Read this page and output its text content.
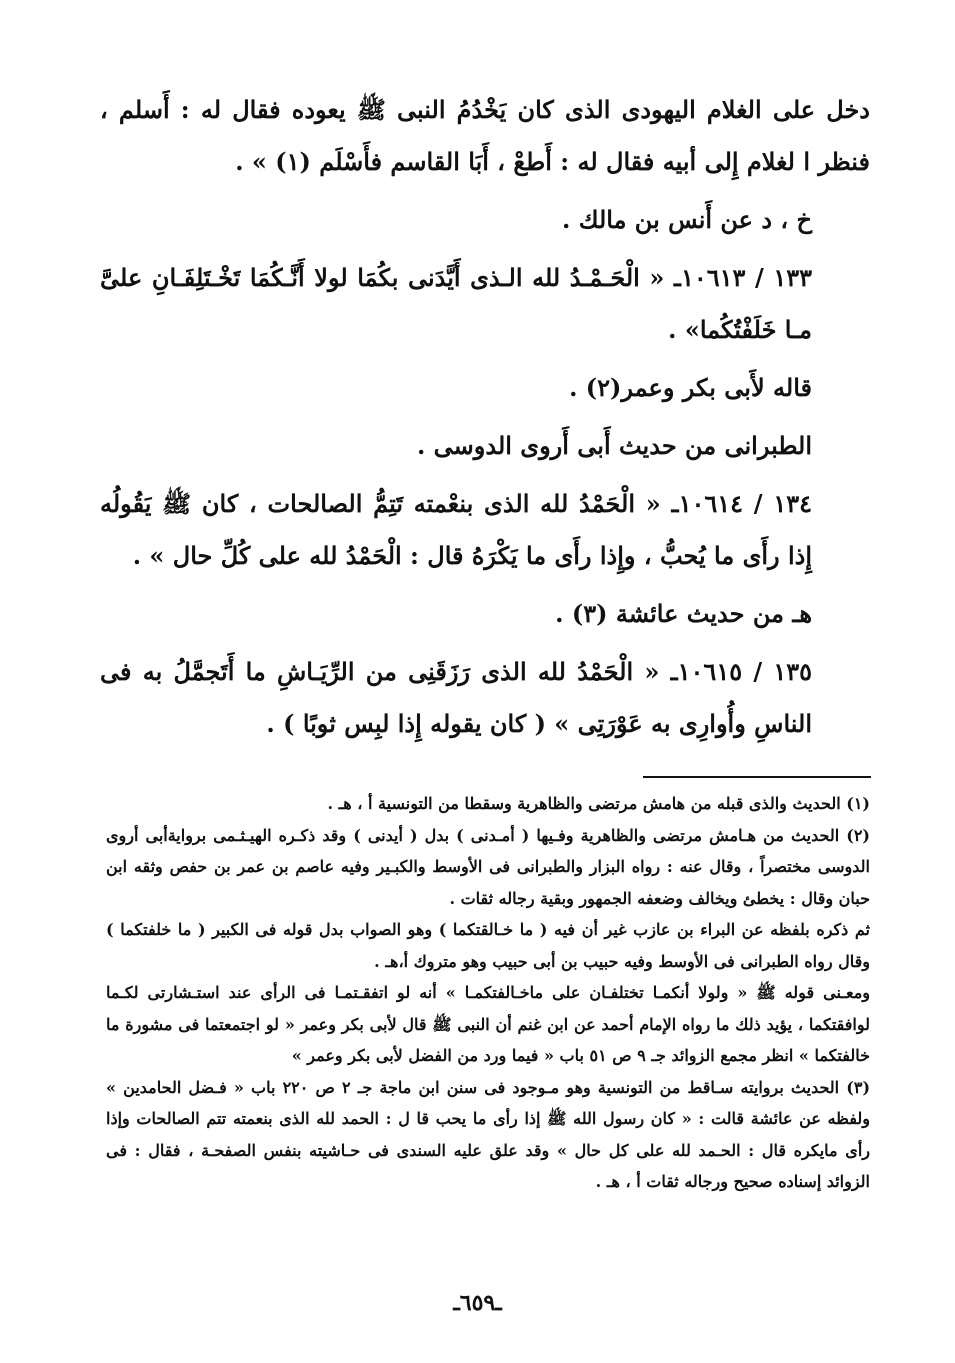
دخل على الغلام اليهودى الذى كان يَخْدُمُ النبى ﷺ يعوده فقال له : أَسلم ، فنظر ا لغلام إِلى أبيه فقال له : أَطعْ ، أَبَا القاسم فأَسْلَم (١) » .

خ ، د عن أَنس بن مالك .

١٣٣ / ١٠٦١٣ـ « الْحَـمْـدُ لله الـذى أَيَّدَنى بكُمَا لولا أَنَّـكُمَا تَخْـتَلِفَـانِ علىَّ مـا خَلَفْتُكُما» .

قاله لأَبى بكر وعمر(٢) .

الطبرانى من حديث أَبى أَروى الدوسى .

١٣٤ / ١٠٦١٤ـ « الْحَمْدُ لله الذى بنعْمته تَتِمُّ الصالحات ، كان ﷺ يَقُولُه إِذا رأَى ما يُحبُّ ، وإِذا رأَى ما يَكْرَهُ قال : الْحَمْدُ لله على كُلِّ حال » .

هـ من حديث عائشة (٣) .

١٣٥ / ١٠٦١٥ـ « الْحَمْدُ لله الذى رَزَقَنِى من الرِّيَـاشِ ما أَتَجمَّلُ به فى الناسِ وأُوارِى به عَوْرَتِى » ( كان يقوله إِذا لبِس ثوبًا ) .

(١) الحديث والذى قبله من هامش مرتضى والظاهرية وسقطا من التونسية أ ، هـ .

(٢) الحديث من هـامش مرتضى والظاهرية وفـيها ( أمـدنى ) بدل ( أيدنى ) وقد ذكـره الهيـثـمى بروايةأبى أروى الدوسى مختصراً ، وقال عنه : رواه البزار والطبرانى فى الأوسط والكبـير وفيه عاصم بن عمر بن حفص وثقه ابن حبان وقال : يخطئ ويخالف وضعفه الجمهور وبقية رجاله ثقات .

ثم ذكره بلفظه عن البراء بن عازب غير أن فيه ( ما خـالقتكما ) وهو الصواب بدل قوله فى الكبير ( ما خلفتكما ) وقال رواه الطبرانى فى الأوسط وفيه حبيب بن أبى حبيب وهو متروك أ،هـ .

ومعـنى قوله ﷺ « ولولا أنكمـا تختلفـان على ماخـالفتكمـا » أنه لو اتفقـتمـا فى الرأى عند استـشارتى لكـما لوافقتكما ، يؤيد ذلك ما رواه الإمام أحمد عن ابن غنم أن النبى ﷺ قال لأبى بكر وعمر « لو اجتمعتما فى مشورة ما خالفتكما » انظر مجمع الزوائد جـ ٩ ص ٥١ باب « فيما ورد من الفضل لأبى بكر وعمر »

(٣) الحديث بروايته سـاقط من التونسية وهو مـوجود فى سنن ابن ماجة جـ ٢ ص ٢٢٠ باب « فـضل الحامدين » ولفظه عن عائشة قالت : « كان رسول الله ﷺ إذا رأى ما يحب قا ل : الحمد لله الذى بنعمته تتم الصالحات وإذا رأى مايكره قال : الحـمد لله على كل حال » وقد علق عليه السندى فى حـاشيته بنفس الصفحـة ، فقال : فى الزوائد إسناده صحيح ورجاله ثقات أ ، هـ .

ـ٦٥٩ـ
